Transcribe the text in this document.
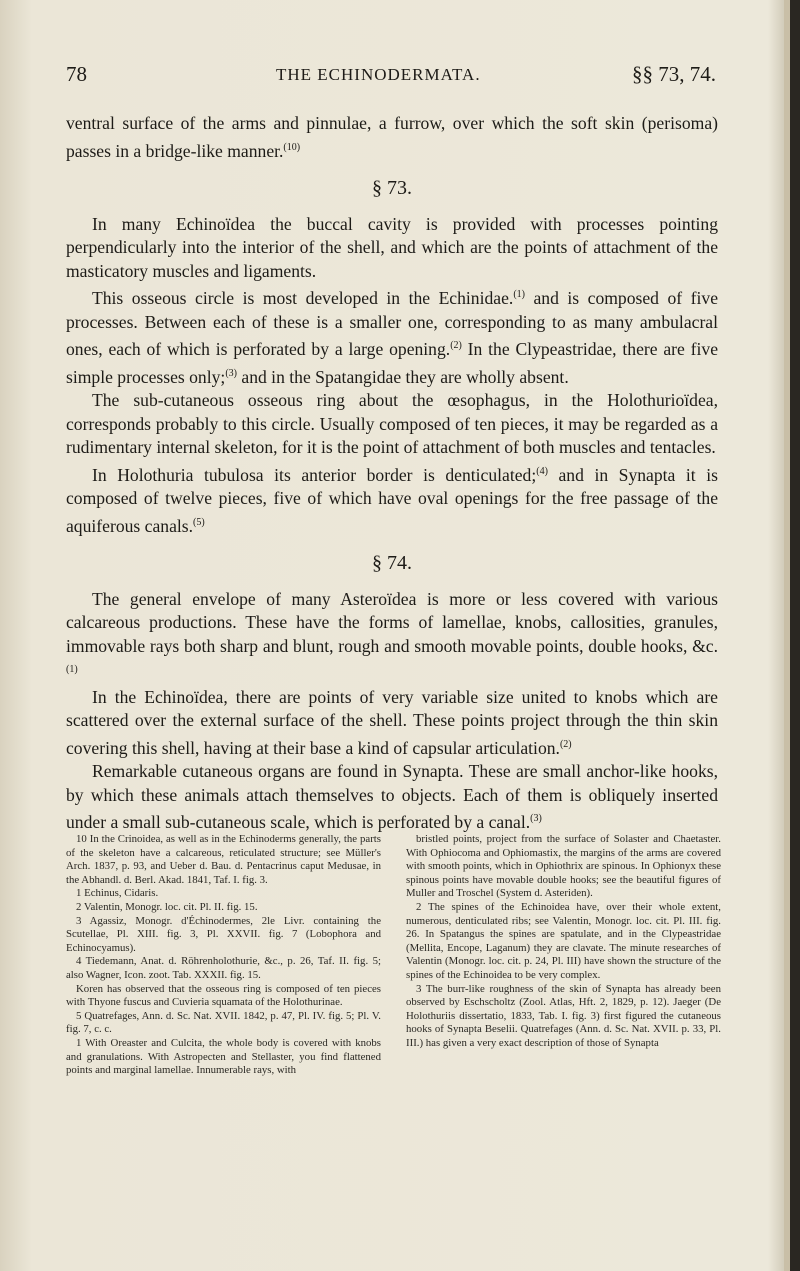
78	THE ECHINODERMATA.	§§ 73, 74.

ventral surface of the arms and pinnulae, a furrow, over which the soft skin (perisoma) passes in a bridge-like manner.$^{(10)}$

§ 73.

In many Echinoïdea the buccal cavity is provided with processes pointing perpendicularly into the interior of the shell, and which are the points of attachment of the masticatory muscles and ligaments.

This osseous circle is most developed in the Echinidae.$^{(1)}$ and is composed of five processes. Between each of these is a smaller one, corresponding to as many ambulacral ones, each of which is perforated by a large opening.$^{(2)}$ In the Clypeastridae, there are five simple processes only;$^{(3)}$ and in the Spatangidae they are wholly absent.

The sub-cutaneous osseous ring about the œsophagus, in the Holothurioïdea, corresponds probably to this circle. Usually composed of ten pieces, it may be regarded as a rudimentary internal skeleton, for it is the point of attachment of both muscles and tentacles.

In Holothuria tubulosa its anterior border is denticulated;$^{(4)}$ and in Synapta it is composed of twelve pieces, five of which have oval openings for the free passage of the aquiferous canals.$^{(5)}$

§ 74.

The general envelope of many Asteroïdea is more or less covered with various calcareous productions. These have the forms of lamellae, knobs, callosities, granules, immovable rays both sharp and blunt, rough and smooth movable points, double hooks, &c.$^{(1)}$

In the Echinoïdea, there are points of very variable size united to knobs which are scattered over the external surface of the shell. These points project through the thin skin covering this shell, having at their base a kind of capsular articulation.$^{(2)}$

Remarkable cutaneous organs are found in Synapta. These are small anchor-like hooks, by which these animals attach themselves to objects. Each of them is obliquely inserted under a small sub-cutaneous scale, which is perforated by a canal.$^{(3)}$

10 In the Crinoidea, as well as in the Echinoderms generally, the parts of the skeleton have a calcareous, reticulated structure; see Müller's Arch. 1837, p. 93, and Ueber d. Bau. d. Pentacrinus caput Medusae, in the Abhandl. d. Berl. Akad. 1841, Taf. I. fig. 3.

1 Echinus, Cidaris.

2 Valentin, Monogr. loc. cit. Pl. II. fig. 15.

3 Agassiz, Monogr. d'Échinodermes, 2le Livr. containing the Scutellae, Pl. XIII. fig. 3, Pl. XXVII. fig. 7 (Lobophora and Echinocyamus).

4 Tiedemann, Anat. d. Röhrenholothurie, &c., p. 26, Taf. II. fig. 5; also Wagner, Icon. zoot. Tab. XXXII. fig. 15.

Koren has observed that the osseous ring is composed of ten pieces with Thyone fuscus and Cuvieria squamata of the Holothurinae.

5 Quatrefages, Ann. d. Sc. Nat. XVII. 1842, p. 47, Pl. IV. fig. 5; Pl. V. fig. 7, c. c.

1 With Oreaster and Culcita, the whole body is covered with knobs and granulations. With Astropecten and Stellaster, you find flattened points and marginal lamellae. Innumerable rays, with

bristled points, project from the surface of Solaster and Chaetaster. With Ophiocoma and Ophiomastix, the margins of the arms are covered with smooth points, which in Ophiothrix are spinous. In Ophionyx these spinous points have movable double hooks; see the beautiful figures of Muller and Troschel (System d. Asteriden).

2 The spines of the Echinoidea have, over their whole extent, numerous, denticulated ribs; see Valentin, Monogr. loc. cit. Pl. III. fig. 26. In Spatangus the spines are spatulate, and in the Clypeastridae (Mellita, Encope, Laganum) they are clavate. The minute researches of Valentin (Monogr. loc. cit. p. 24, Pl. III) have shown the structure of the spines of the Echinoidea to be very complex.

3 The burr-like roughness of the skin of Synapta has already been observed by Eschscholtz (Zool. Atlas, Hft. 2, 1829, p. 12). Jaeger (De Holothuriis dissertatio, 1833, Tab. I. fig. 3) first figured the cutaneous hooks of Synapta Beselii. Quatrefages (Ann. d. Sc. Nat. XVII. p. 33, Pl. III.) has given a very exact description of those of Synapta
